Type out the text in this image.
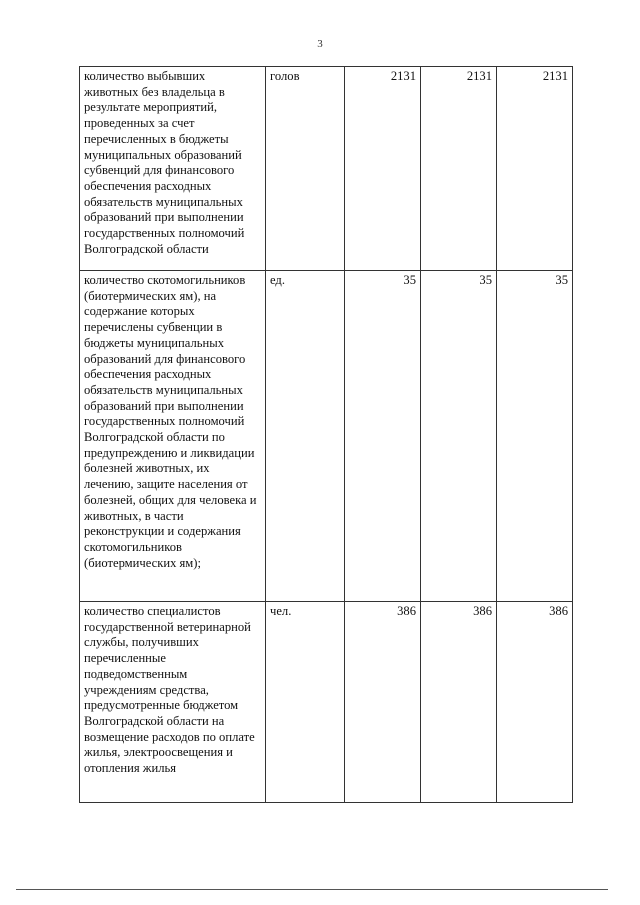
3
количество выбывших животных без владельца в результате мероприятий, проведенных за счет перечисленных в бюджеты муниципальных образований субвенций для финансового обеспечения расходных обязательств муниципальных образований при выполнении государственных полномочий Волгоградской области	голов	2131	2131	2131
количество скотомогильников (биотермических ям), на содержание которых перечислены субвенции в бюджеты муниципальных образований для финансового обеспечения расходных обязательств муниципальных образований при выполнении государственных полномочий Волгоградской области по предупреждению и ликвидации болезней животных, их лечению, защите населения от болезней, общих для человека и животных, в части реконструкции и содержания скотомогильников (биотермических ям);	ед.	35	35	35
количество специалистов государственной ветеринарной службы, получивших перечисленные подведомственным учреждениям средства, предусмотренные бюджетом Волгоградской области на возмещение расходов по оплате жилья, электроосвещения и отопления жилья	чел.	386	386	386
